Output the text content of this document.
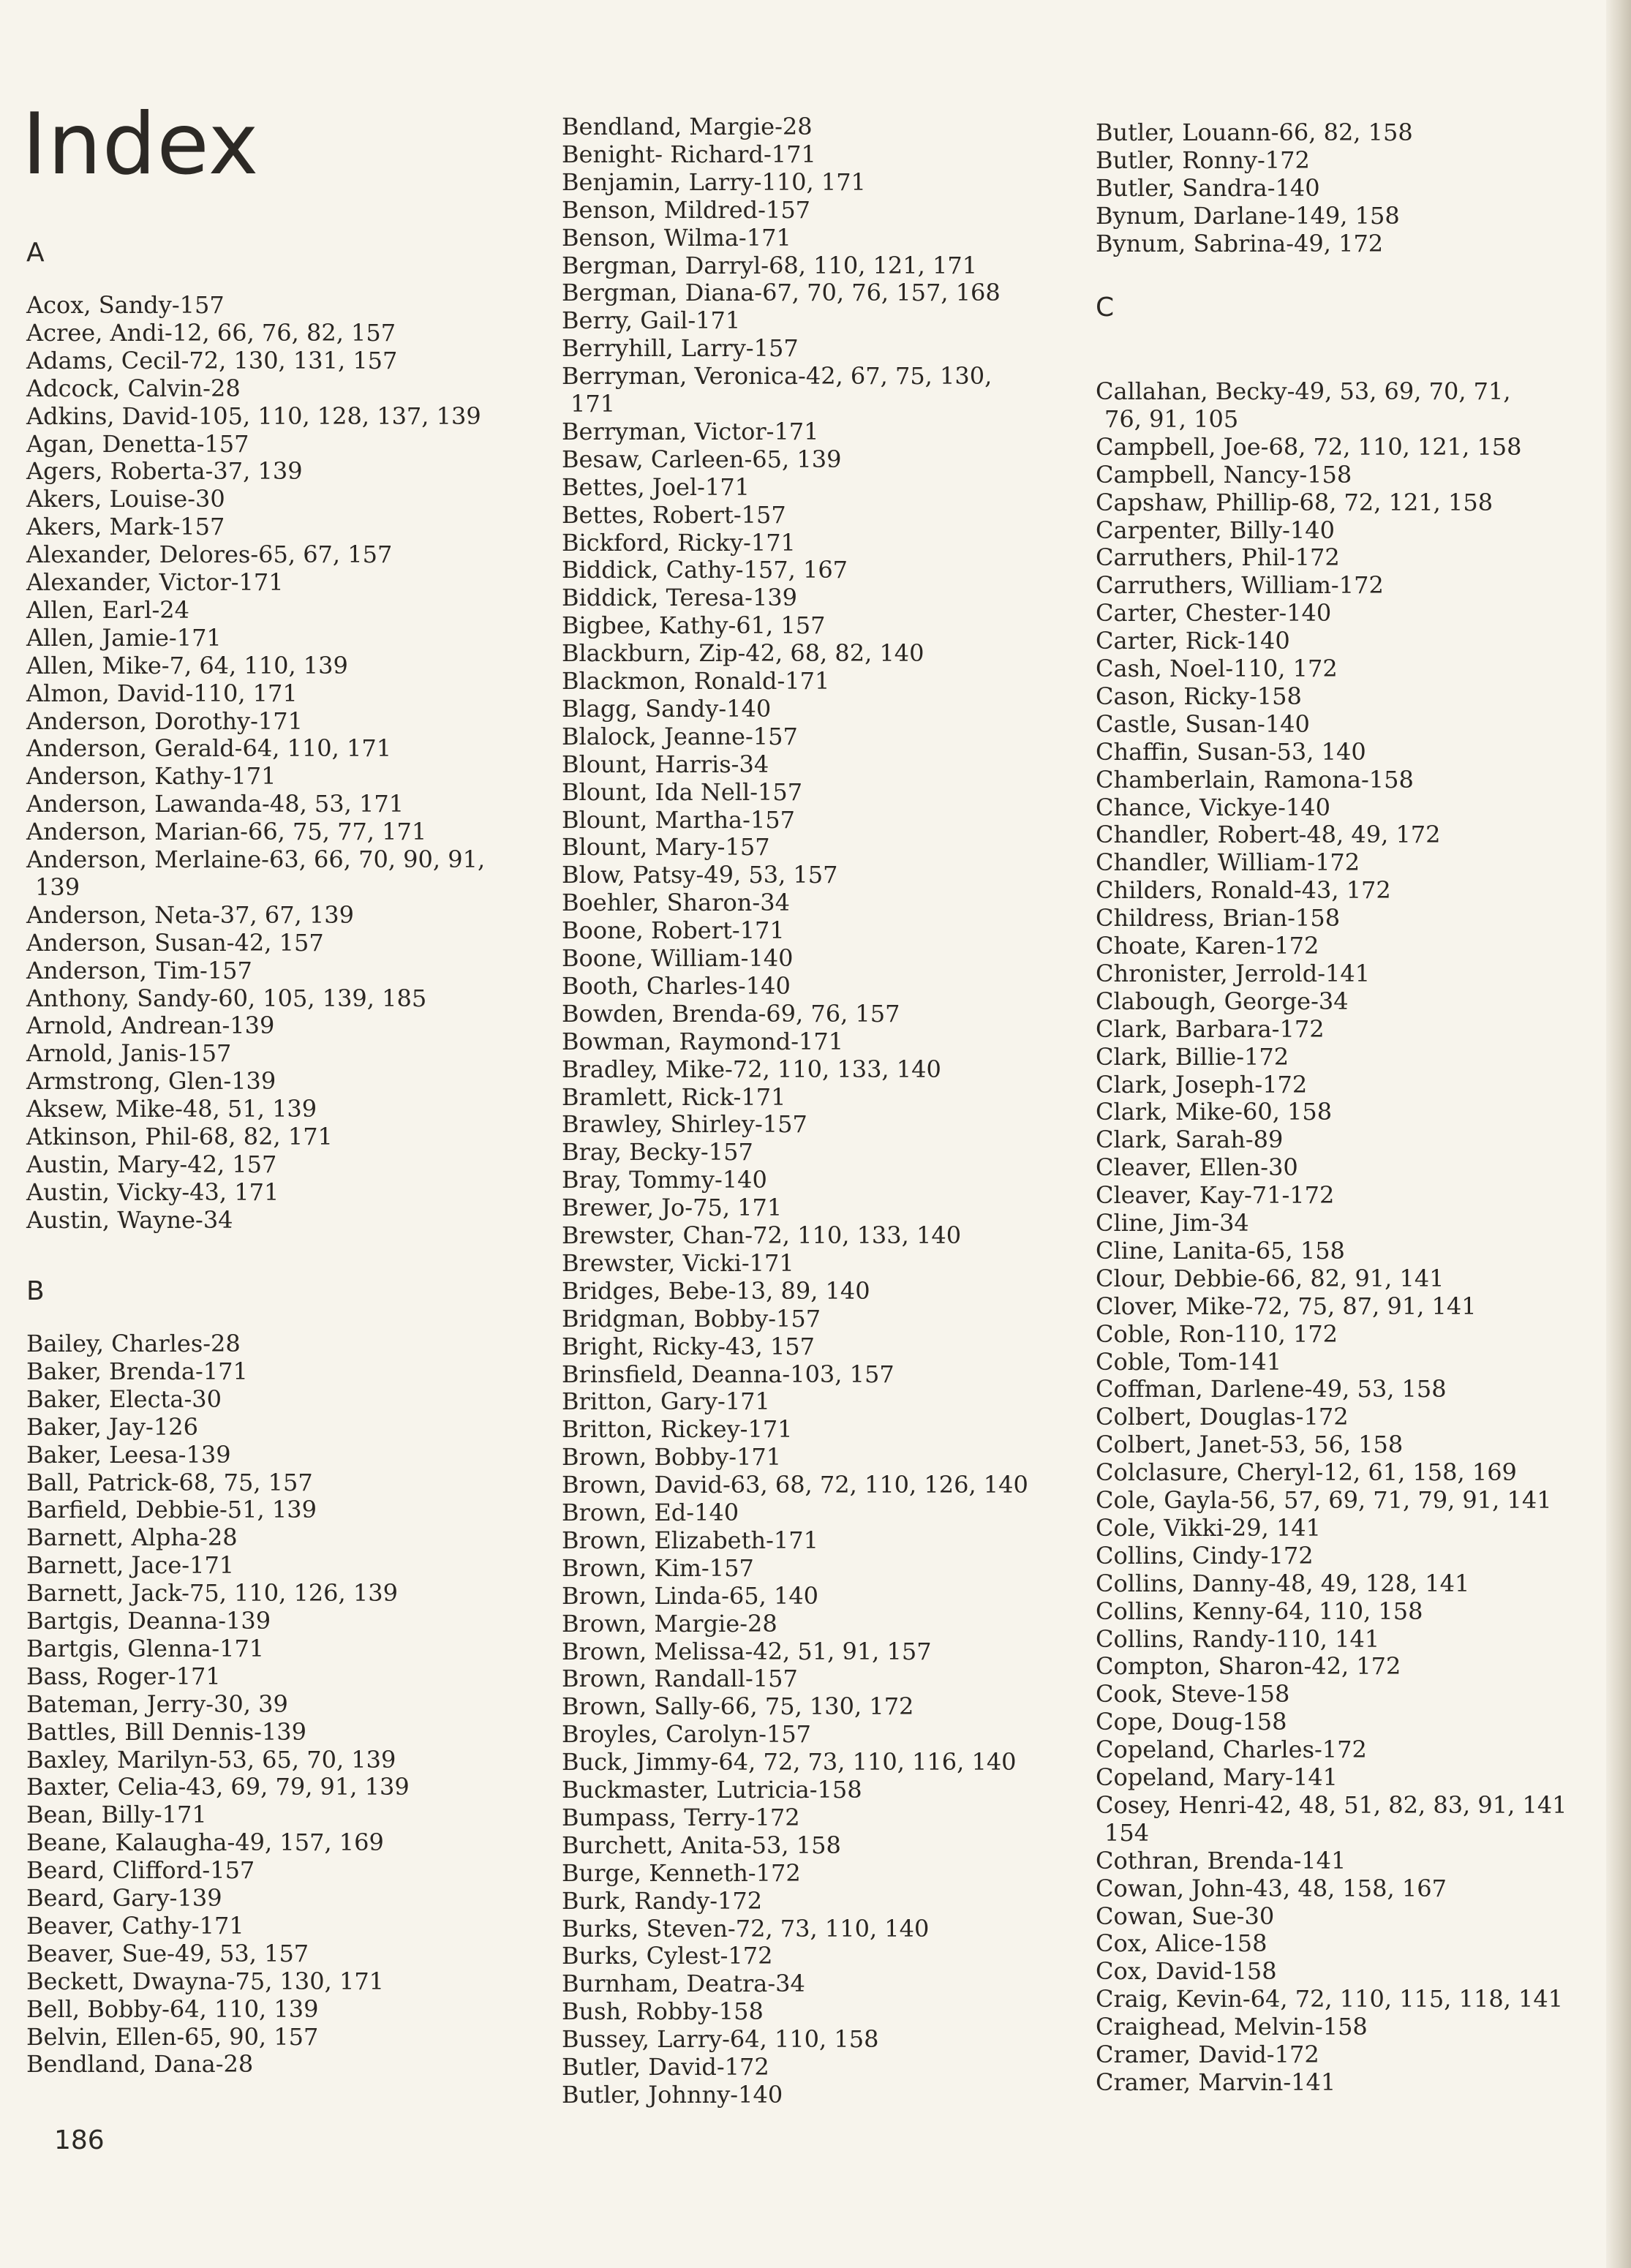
Index
A
Acox, Sandy-157
Acree, Andi-12, 66, 76, 82, 157
Adams, Cecil-72, 130, 131, 157
Adcock, Calvin-28
Adkins, David-105, 110, 128, 137, 139
Agan, Denetta-157
Agers, Roberta-37, 139
Akers, Louise-30
Akers, Mark-157
Alexander, Delores-65, 67, 157
Alexander, Victor-171
Allen, Earl-24
Allen, Jamie-171
Allen, Mike-7, 64, 110, 139
Almon, David-110, 171
Anderson, Dorothy-171
Anderson, Gerald-64, 110, 171
Anderson, Kathy-171
Anderson, Lawanda-48, 53, 171
Anderson, Marian-66, 75, 77, 171
Anderson, Merlaine-63, 66, 70, 90, 91,
139
Anderson, Neta-37, 67, 139
Anderson, Susan-42, 157
Anderson, Tim-157
Anthony, Sandy-60, 105, 139, 185
Arnold, Andrean-139
Arnold, Janis-157
Armstrong, Glen-139
Aksew, Mike-48, 51, 139
Atkinson, Phil-68, 82, 171
Austin, Mary-42, 157
Austin, Vicky-43, 171
Austin, Wayne-34
B
Bailey, Charles-28
Baker, Brenda-171
Baker, Electa-30
Baker, Jay-126
Baker, Leesa-139
Ball, Patrick-68, 75, 157
Barfield, Debbie-51, 139
Barnett, Alpha-28
Barnett, Jace-171
Barnett, Jack-75, 110, 126, 139
Bartgis, Deanna-139
Bartgis, Glenna-171
Bass, Roger-171
Bateman, Jerry-30, 39
Battles, Bill Dennis-139
Baxley, Marilyn-53, 65, 70, 139
Baxter, Celia-43, 69, 79, 91, 139
Bean, Billy-171
Beane, Kalaugha-49, 157, 169
Beard, Clifford-157
Beard, Gary-139
Beaver, Cathy-171
Beaver, Sue-49, 53, 157
Beckett, Dwayna-75, 130, 171
Bell, Bobby-64, 110, 139
Belvin, Ellen-65, 90, 157
Bendland, Dana-28
Bendland, Margie-28
Benight- Richard-171
Benjamin, Larry-110, 171
Benson, Mildred-157
Benson, Wilma-171
Bergman, Darryl-68, 110, 121, 171
Bergman, Diana-67, 70, 76, 157, 168
Berry, Gail-171
Berryhill, Larry-157
Berryman, Veronica-42, 67, 75, 130,
171
Berryman, Victor-171
Besaw, Carleen-65, 139
Bettes, Joel-171
Bettes, Robert-157
Bickford, Ricky-171
Biddick, Cathy-157, 167
Biddick, Teresa-139
Bigbee, Kathy-61, 157
Blackburn, Zip-42, 68, 82, 140
Blackmon, Ronald-171
Blagg, Sandy-140
Blalock, Jeanne-157
Blount, Harris-34
Blount, Ida Nell-157
Blount, Martha-157
Blount, Mary-157
Blow, Patsy-49, 53, 157
Boehler, Sharon-34
Boone, Robert-171
Boone, William-140
Booth, Charles-140
Bowden, Brenda-69, 76, 157
Bowman, Raymond-171
Bradley, Mike-72, 110, 133, 140
Bramlett, Rick-171
Brawley, Shirley-157
Bray, Becky-157
Bray, Tommy-140
Brewer, Jo-75, 171
Brewster, Chan-72, 110, 133, 140
Brewster, Vicki-171
Bridges, Bebe-13, 89, 140
Bridgman, Bobby-157
Bright, Ricky-43, 157
Brinsfield, Deanna-103, 157
Britton, Gary-171
Britton, Rickey-171
Brown, Bobby-171
Brown, David-63, 68, 72, 110, 126, 140
Brown, Ed-140
Brown, Elizabeth-171
Brown, Kim-157
Brown, Linda-65, 140
Brown, Margie-28
Brown, Melissa-42, 51, 91, 157
Brown, Randall-157
Brown, Sally-66, 75, 130, 172
Broyles, Carolyn-157
Buck, Jimmy-64, 72, 73, 110, 116, 140
Buckmaster, Lutricia-158
Bumpass, Terry-172
Burchett, Anita-53, 158
Burge, Kenneth-172
Burk, Randy-172
Burks, Steven-72, 73, 110, 140
Burks, Cylest-172
Burnham, Deatra-34
Bush, Robby-158
Bussey, Larry-64, 110, 158
Butler, David-172
Butler, Johnny-140
Butler, Louann-66, 82, 158
Butler, Ronny-172
Butler, Sandra-140
Bynum, Darlane-149, 158
Bynum, Sabrina-49, 172
C
Callahan, Becky-49, 53, 69, 70, 71,
76, 91, 105
Campbell, Joe-68, 72, 110, 121, 158
Campbell, Nancy-158
Capshaw, Phillip-68, 72, 121, 158
Carpenter, Billy-140
Carruthers, Phil-172
Carruthers, William-172
Carter, Chester-140
Carter, Rick-140
Cash, Noel-110, 172
Cason, Ricky-158
Castle, Susan-140
Chaffin, Susan-53, 140
Chamberlain, Ramona-158
Chance, Vickye-140
Chandler, Robert-48, 49, 172
Chandler, William-172
Childers, Ronald-43, 172
Childress, Brian-158
Choate, Karen-172
Chronister, Jerrold-141
Clabough, George-34
Clark, Barbara-172
Clark, Billie-172
Clark, Joseph-172
Clark, Mike-60, 158
Clark, Sarah-89
Cleaver, Ellen-30
Cleaver, Kay-71-172
Cline, Jim-34
Cline, Lanita-65, 158
Clour, Debbie-66, 82, 91, 141
Clover, Mike-72, 75, 87, 91, 141
Coble, Ron-110, 172
Coble, Tom-141
Coffman, Darlene-49, 53, 158
Colbert, Douglas-172
Colbert, Janet-53, 56, 158
Colclasure, Cheryl-12, 61, 158, 169
Cole, Gayla-56, 57, 69, 71, 79, 91, 141
Cole, Vikki-29, 141
Collins, Cindy-172
Collins, Danny-48, 49, 128, 141
Collins, Kenny-64, 110, 158
Collins, Randy-110, 141
Compton, Sharon-42, 172
Cook, Steve-158
Cope, Doug-158
Copeland, Charles-172
Copeland, Mary-141
Cosey, Henri-42, 48, 51, 82, 83, 91, 141
154
Cothran, Brenda-141
Cowan, John-43, 48, 158, 167
Cowan, Sue-30
Cox, Alice-158
Cox, David-158
Craig, Kevin-64, 72, 110, 115, 118, 141
Craighead, Melvin-158
Cramer, David-172
Cramer, Marvin-141
186
